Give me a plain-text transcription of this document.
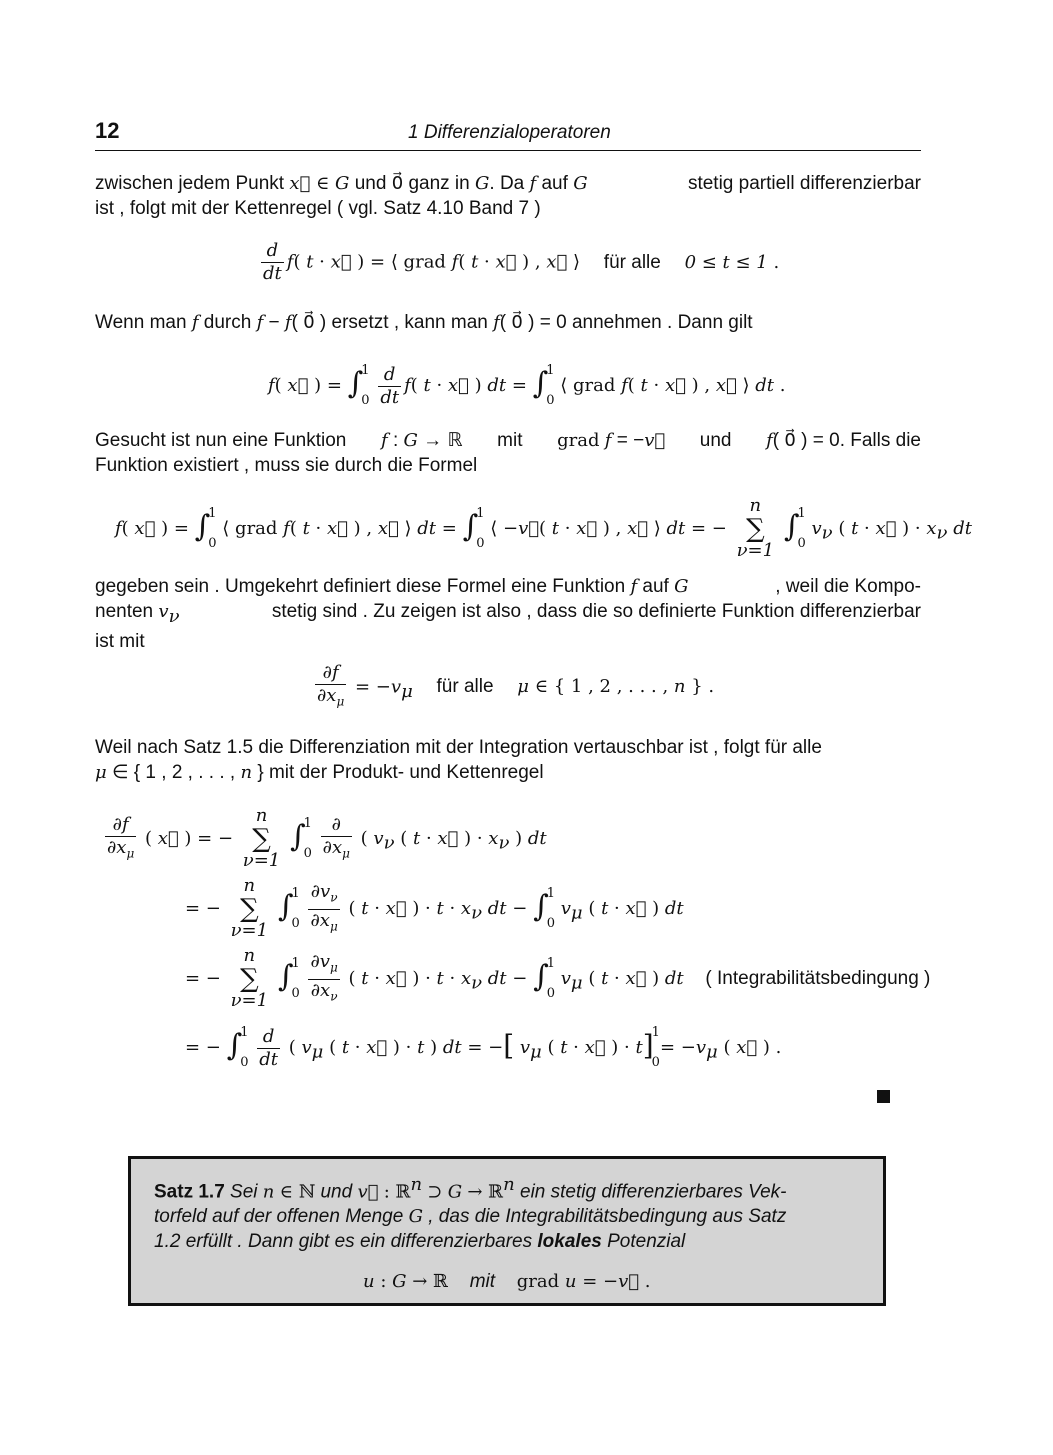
12	1 Differenzialoperatoren
zwischen jedem Punkt x⃗ ∈ G und 0⃗ ganz in G. Da f auf G	stetig partiell differenzierbar
ist , folgt mit der Kettenregel ( vgl. Satz 4.10 Band 7 )
$\frac{d}{dt} f$( t · x⃗ ) = ⟨ grad f( t · x⃗ ) , x⃗ ⟩ für alle 0 ≤ t ≤ 1 .
Wenn man f durch f − f( 0⃗ ) ersetzt , kann man f( 0⃗ ) = 0 annehmen . Dann gilt
f( x⃗ ) = ∫
1
0
$\frac{d}{dt} f$( t · x⃗ ) dt = ∫
1
0
⟨ grad f( t · x⃗ ) , x⃗ ⟩ dt .
Gesucht ist nun eine Funktion f : G → ℝ mit grad f = −v⃗ und f( 0⃗ ) = 0. Falls die
Funktion existiert , muss sie durch die Formel
f( x⃗ ) = ∫
1
0
⟨ grad f( t · x⃗ ) , x⃗ ⟩ dt = ∫
1
0
⟨ −v⃗( t · x⃗ ) , x⃗ ⟩ dt = − n
∑
ν=1 ∫
1
0
$v_\nu$ ( t · x⃗ ) · $x_\nu$ dt
gegeben sein . Umgekehrt definiert diese Formel eine Funktion f auf G	, weil die Kompo-
nenten $v_\nu$	stetig sind . Zu zeigen ist also , dass die so definierte Funktion differenzierbar
ist mit
$\frac{\partial f}{\partial x_\mu} = -v_\mu$ für alle μ ∈ { 1 , 2 , . . . , n } .
Weil nach Satz 1.5 die Differenziation mit der Integration vertauschbar ist , folgt für alle
μ ∈ { 1 , 2 , . . . , n } mit der Produkt- und Kettenregel
$\frac{\partial f}{\partial x_\mu}$ ( x⃗ ) = − n
∑
ν=1 ∫
1
0
$\frac{\partial}{\partial x_\mu}$ ( $v_\nu$ ( t · x⃗ ) · $x_\nu$ ) dt
= − n
∑
ν=1 ∫
1
0
$\frac{\partial v_\nu}{\partial x_\mu}$ ( t · x⃗ ) · $t \cdot x_\nu$ dt − ∫
1
0
$v_\mu$ ( t · x⃗ ) dt
= − n
∑
ν=1 ∫
1
0
$\frac{\partial v_\mu}{\partial x_\nu}$ ( t · x⃗ ) · $t \cdot x_\nu$ dt − ∫
1
0
$v_\mu$ ( t · x⃗ ) dt ( Integrabilitätsbedingung )
= − ∫
1
0
$\frac{d}{dt}$ ( $v_\mu$ ( t · x⃗ ) · t ) dt = −[ $v_\mu$ ( t · x⃗ ) · t]
1
0
= $-v_\mu$ ( x⃗ ) .
Satz 1.7 Sei n ∈ ℕ und v⃗ : ℝ$^n$ ⊃ G → ℝ$^n$ ein stetig differenzierbares Vek-
torfeld auf der offenen Menge G , das die Integrabilitätsbedingung aus Satz
1.2 erfüllt . Dann gibt es ein differenzierbares lokales Potenzial
u : G → ℝ mit grad u = −v⃗ .
